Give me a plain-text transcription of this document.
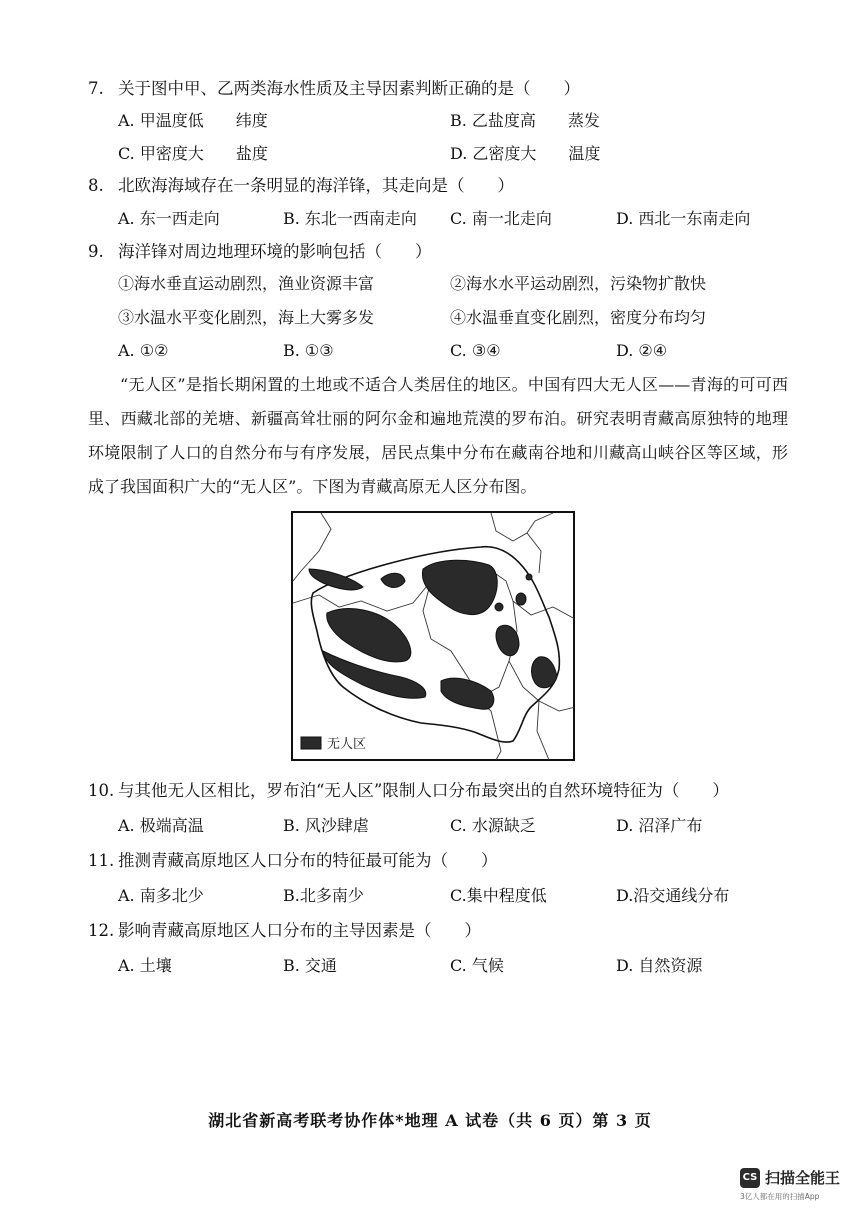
7. 关于图中甲、乙两类海水性质及主导因素判断正确的是（　　）
A. 甲温度低　　纬度	B. 乙盐度高　　蒸发
C. 甲密度大　　盐度	D. 乙密度大　　温度
8. 北欧海海域存在一条明显的海洋锋，其走向是（　　）
A. 东一西走向	B. 东北一西南走向 C. 南一北走向	D. 西北一东南走向
9. 海洋锋对周边地理环境的影响包括（　　）
①海水垂直运动剧烈，渔业资源丰富	②海水水平运动剧烈，污染物扩散快
③水温水平变化剧烈，海上大雾多发	④水温垂直变化剧烈，密度分布均匀
A. ①②	B. ①③	C. ③④	D. ②④

“无人区”是指长期闲置的土地或不适合人类居住的地区。中国有四大无人区——青海的可可西里、西藏北部的羌塘、新疆高耸壮丽的阿尔金和遍地荒漠的罗布泊。研究表明青藏高原独特的地理环境限制了人口的自然分布与有序发展，居民点集中分布在藏南谷地和川藏高山峡谷区等区域，形成了我国面积广大的“无人区”。下图为青藏高原无人区分布图。

无人区
10. 与其他无人区相比，罗布泊“无人区”限制人口分布最突出的自然环境特征为（　　）
A. 极端高温	B. 风沙肆虐	C. 水源缺乏	D. 沼泽广布
11. 推测青藏高原地区人口分布的特征最可能为（　　）
A. 南多北少	B.北多南少	C.集中程度低	D.沿交通线分布
12. 影响青藏高原地区人口分布的主导因素是（　　）
A. 土壤	B. 交通	C. 气候	D. 自然资源
湖北省新高考联考协作体*地理 A 试卷（共 6 页）第 3 页
CS 扫描全能王
3亿人都在用的扫描App
